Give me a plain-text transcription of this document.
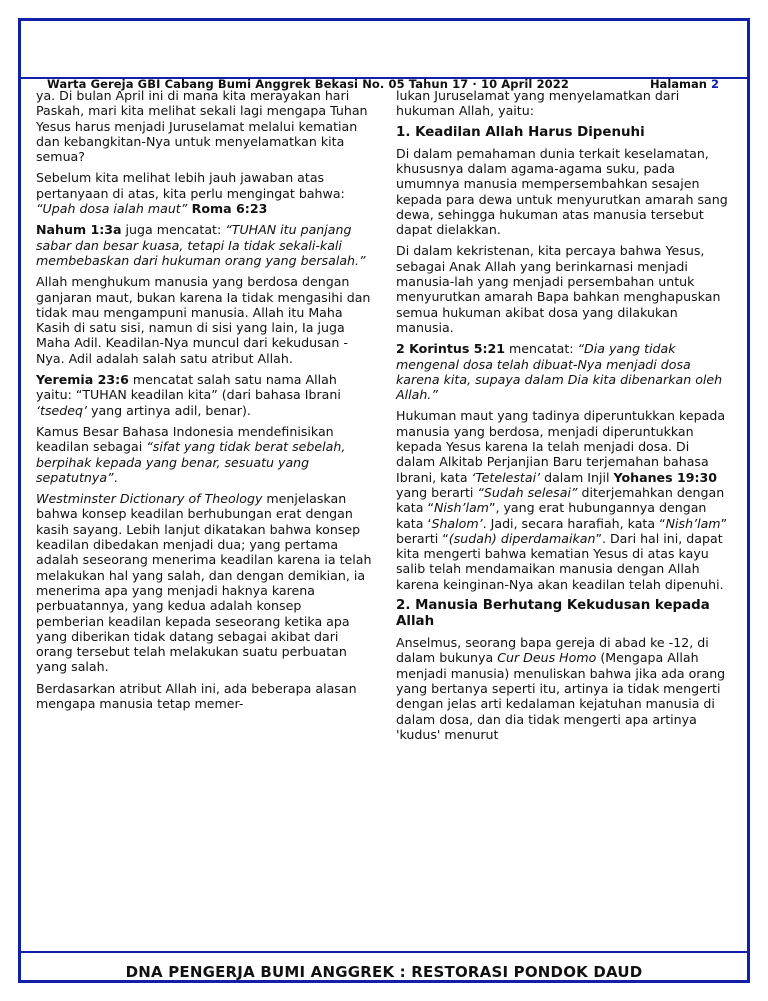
Warta Gereja GBI Cabang Bumi Anggrek Bekasi No. 05 Tahun 17 · 10 April 2022	Halaman 2

ya. Di bulan April ini di mana kita merayakan hari Paskah, mari kita melihat sekali lagi mengapa Tuhan Yesus harus menjadi Juruselamat melalui kematian dan kebangkitan-Nya untuk menyelamatkan kita semua?

Sebelum kita melihat lebih jauh jawaban atas pertanyaan di atas, kita perlu mengingat bahwa: “Upah dosa ialah maut” Roma 6:23

Nahum 1:3a juga mencatat: “TUHAN itu panjang sabar dan besar kuasa, tetapi Ia tidak sekali-kali membebaskan dari hukuman orang yang bersalah.”

Allah menghukum manusia yang berdosa dengan ganjaran maut, bukan karena Ia tidak mengasihi dan tidak mau mengampuni manusia. Allah itu Maha Kasih di satu sisi, namun di sisi yang lain, Ia juga Maha Adil. Keadilan-Nya muncul dari kekudusan -Nya. Adil adalah salah satu atribut Allah.

Yeremia 23:6 mencatat salah satu nama Allah yaitu: “TUHAN keadilan kita” (dari bahasa Ibrani ‘tsedeq’ yang artinya adil, benar).

Kamus Besar Bahasa Indonesia mendefinisikan keadilan sebagai “sifat yang tidak berat sebelah, berpihak kepada yang benar, sesuatu yang sepatutnya”.

Westminster Dictionary of Theology menjelaskan bahwa konsep keadilan berhubungan erat dengan kasih sayang. Lebih lanjut dikatakan bahwa konsep keadilan dibedakan menjadi dua; yang pertama adalah seseorang menerima keadilan karena ia telah melakukan hal yang salah, dan dengan demikian, ia menerima apa yang menjadi haknya karena perbuatannya, yang kedua adalah konsep pemberian keadilan kepada seseorang ketika apa yang diberikan tidak datang sebagai akibat dari orang tersebut telah melakukan suatu perbuatan yang salah.

Berdasarkan atribut Allah ini, ada beberapa alasan mengapa manusia tetap memer-

lukan Juruselamat yang menyelamatkan dari hukuman Allah, yaitu:

1. Keadilan Allah Harus Dipenuhi

Di dalam pemahaman dunia terkait keselamatan, khususnya dalam agama-agama suku, pada umumnya manusia mempersembahkan sesajen kepada para dewa untuk menyurutkan amarah sang dewa, sehingga hukuman atas manusia tersebut dapat dielakkan.

Di dalam kekristenan, kita percaya bahwa Yesus, sebagai Anak Allah yang berinkarnasi menjadi manusia-lah yang menjadi persembahan untuk menyurutkan amarah Bapa bahkan menghapuskan semua hukuman akibat dosa yang dilakukan manusia.

2 Korintus 5:21 mencatat: “Dia yang tidak mengenal dosa telah dibuat-Nya menjadi dosa karena kita, supaya dalam Dia kita dibenarkan oleh Allah.”

Hukuman maut yang tadinya diperuntukkan kepada manusia yang berdosa, menjadi diperuntukkan kepada Yesus karena Ia telah menjadi dosa. Di dalam Alkitab Perjanjian Baru terjemahan bahasa Ibrani, kata ‘Tetelestai’ dalam Injil Yohanes 19:30 yang berarti “Sudah selesai” diterjemahkan dengan kata “Nish’lam”, yang erat hubungannya dengan kata ‘Shalom’. Jadi, secara harafiah, kata “Nish’lam” berarti “(sudah) diperdamaikan”. Dari hal ini, dapat kita mengerti bahwa kematian Yesus di atas kayu salib telah mendamaikan manusia dengan Allah karena keinginan-Nya akan keadilan telah dipenuhi.

2. Manusia Berhutang Kekudusan kepada Allah

Anselmus, seorang bapa gereja di abad ke -12, di dalam bukunya Cur Deus Homo (Mengapa Allah menjadi manusia) menuliskan bahwa jika ada orang yang bertanya seperti itu, artinya ia tidak mengerti dengan jelas arti kedalaman kejatuhan manusia di dalam dosa, dan dia tidak mengerti apa artinya 'kudus' menurut

DNA PENGERJA BUMI ANGGREK : RESTORASI PONDOK DAUD
